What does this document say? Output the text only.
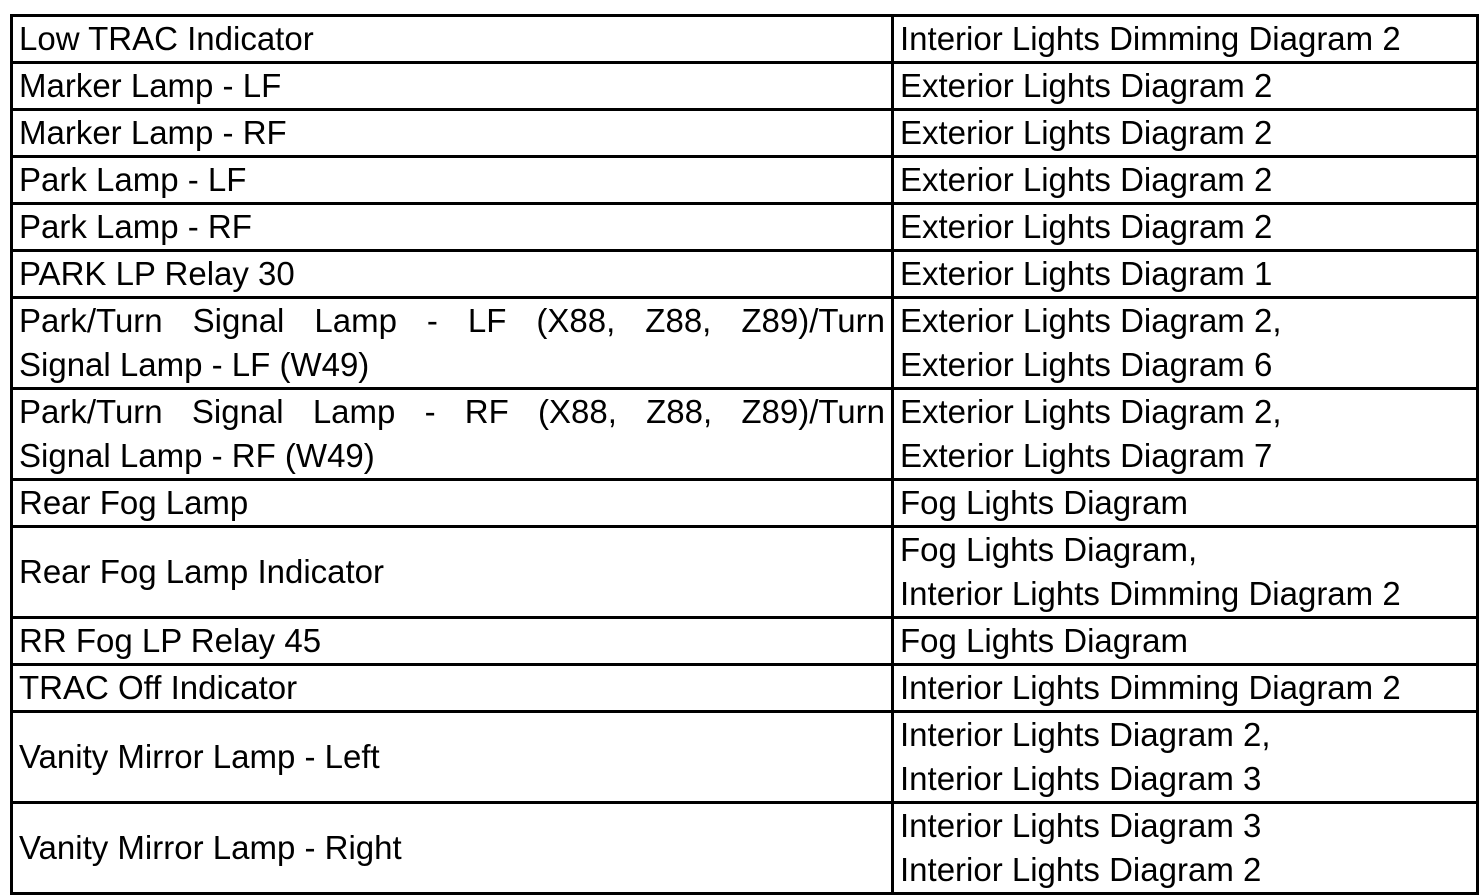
Low TRAC Indicator	Interior Lights Dimming Diagram 2

Marker Lamp - LF	Exterior Lights Diagram 2

Marker Lamp - RF	Exterior Lights Diagram 2

Park Lamp - LF	Exterior Lights Diagram 2

Park Lamp - RF	Exterior Lights Diagram 2

PARK LP Relay 30	Exterior Lights Diagram 1

Park/Turn Signal Lamp - LF (X88, Z88, Z89)/Turn
Signal Lamp - LF (W49)	Exterior Lights Diagram 2,
Exterior Lights Diagram 6

Park/Turn Signal Lamp - RF (X88, Z88, Z89)/Turn
Signal Lamp - RF (W49)	Exterior Lights Diagram 2,
Exterior Lights Diagram 7

Rear Fog Lamp	Fog Lights Diagram

Rear Fog Lamp Indicator	Fog Lights Diagram,
Interior Lights Dimming Diagram 2

RR Fog LP Relay 45	Fog Lights Diagram

TRAC Off Indicator	Interior Lights Dimming Diagram 2

Vanity Mirror Lamp - Left	Interior Lights Diagram 2,
Interior Lights Diagram 3

Vanity Mirror Lamp - Right	Interior Lights Diagram 3
Interior Lights Diagram 2
